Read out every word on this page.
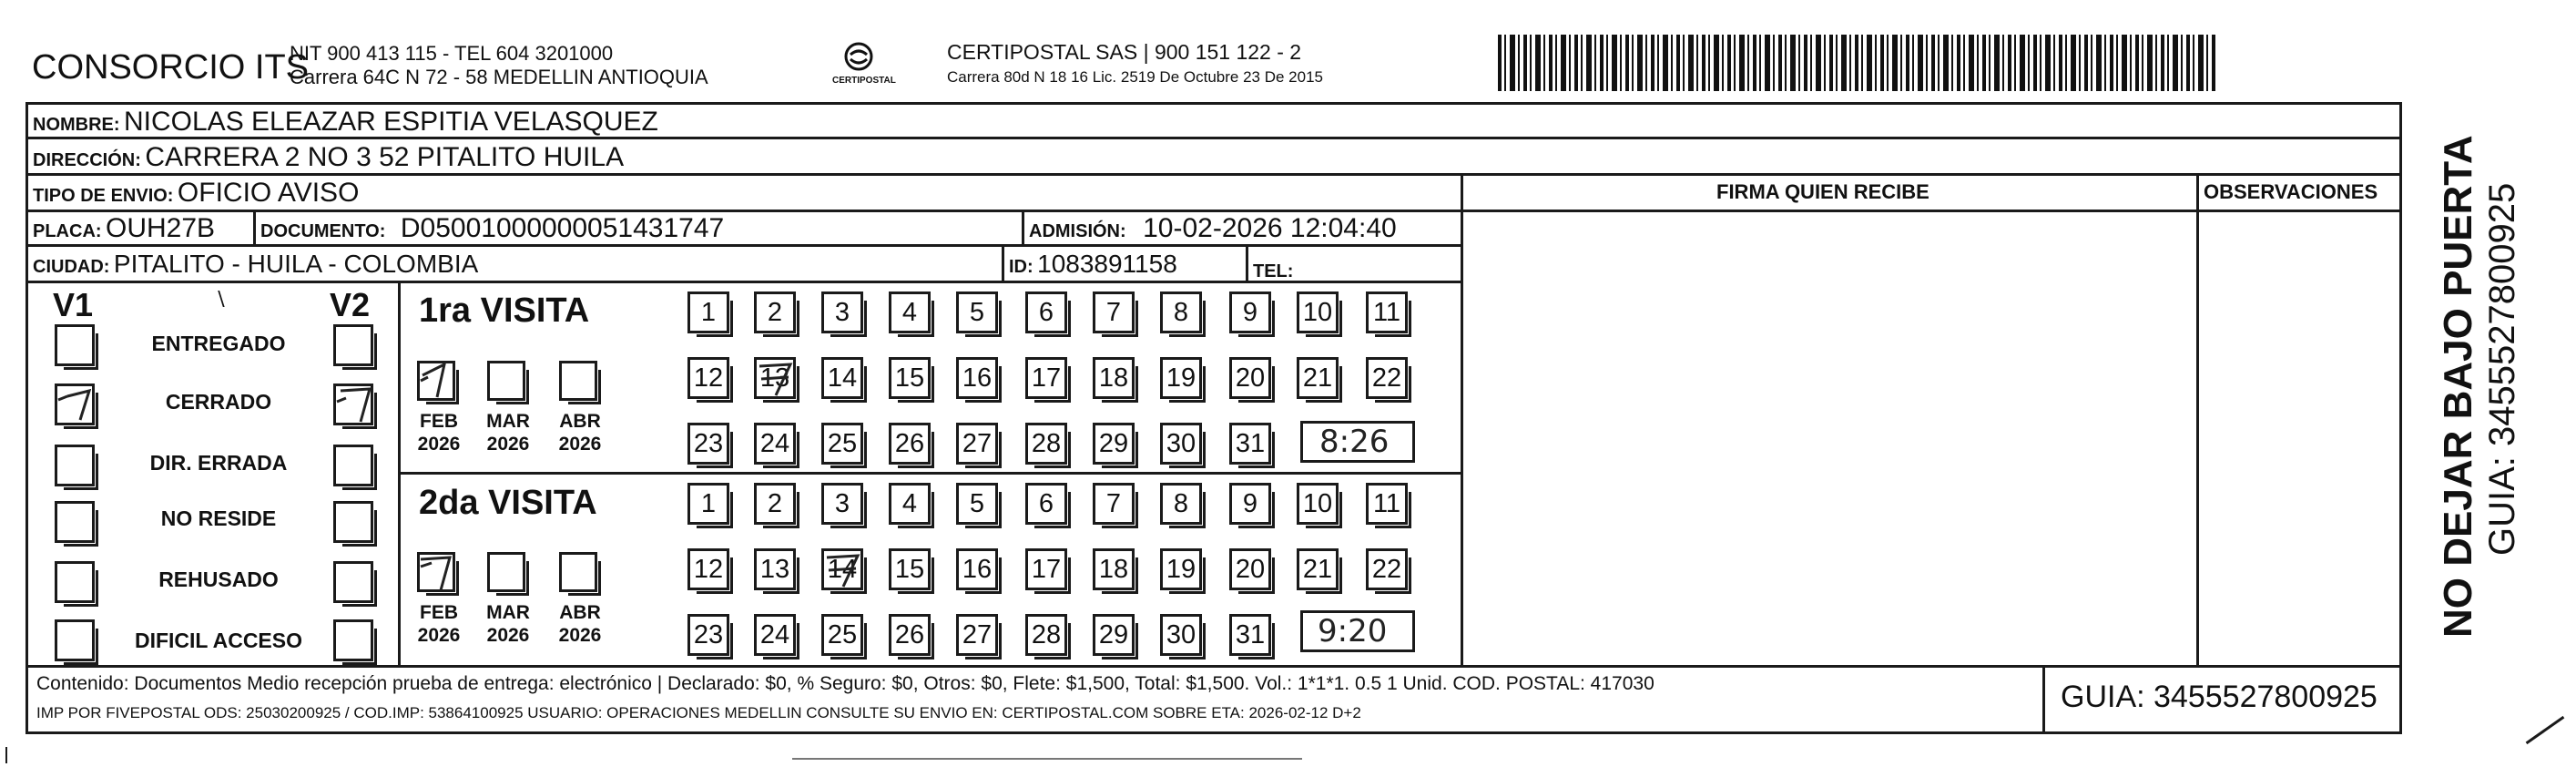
CONSORCIO ITS
NIT 900 413 115 - TEL 604 3201000
Carrera 64C N 72 - 58 MEDELLIN ANTIOQUIA	CERTIPOSTAL
CERTIPOSTAL SAS | 900 151 122 - 2
Carrera 80d N 18 16 Lic. 2519 De Octubre 23 De 2015
NOMBRE: NICOLAS ELEAZAR ESPITIA VELASQUEZ
DIRECCIÓN: CARRERA 2 NO 3 52 PITALITO HUILA
TIPO DE ENVIO: OFICIO AVISO
PLACA: OUH27B DOCUMENTO: D05001000000051431747	ADMISIÓN: 10-02-2026 12:04:40
CIUDAD: PITALITO - HUILA - COLOMBIA	ID: 1083891158	TEL:
FIRMA QUIEN RECIBE	OBSERVACIONES
V1	V2
∖
ENTREGADO
CERRADO
DIR. ERRADA
NO RESIDE
REHUSADO
DIFICIL ACCESO
1ra VISITA
FEB
2026
MAR
2026
ABR
2026
1	2	3	4	5	6	7	8	9	10 11
12 13 14 15 16 17 18 19 20 21 22
23 24 25 26 27 28 29 30 31 8:26
2da VISITA
FEB
2026
MAR
2026
ABR
2026
1	2	3	4	5	6	7	8	9	10 11
12 13 14 15 16 17 18 19 20 21 22
23 24 25 26 27 28 29 30 31 9:20
Contenido: Documentos Medio recepción prueba de entrega: electrónico | Declarado: $0, % Seguro: $0, Otros: $0, Flete: $1,500, Total: $1,500. Vol.: 1*1*1. 0.5 1 Unid. COD. POSTAL: 417030
IMP POR FIVEPOSTAL ODS: 25030200925 / COD.IMP: 53864100925 USUARIO: OPERACIONES MEDELLIN CONSULTE SU ENVIO EN: CERTIPOSTAL.COM SOBRE ETA: 2026-02-12 D+2	GUIA: 3455527800925
NO DEJAR BAJO PUERTA GUIA: 3455527800925
